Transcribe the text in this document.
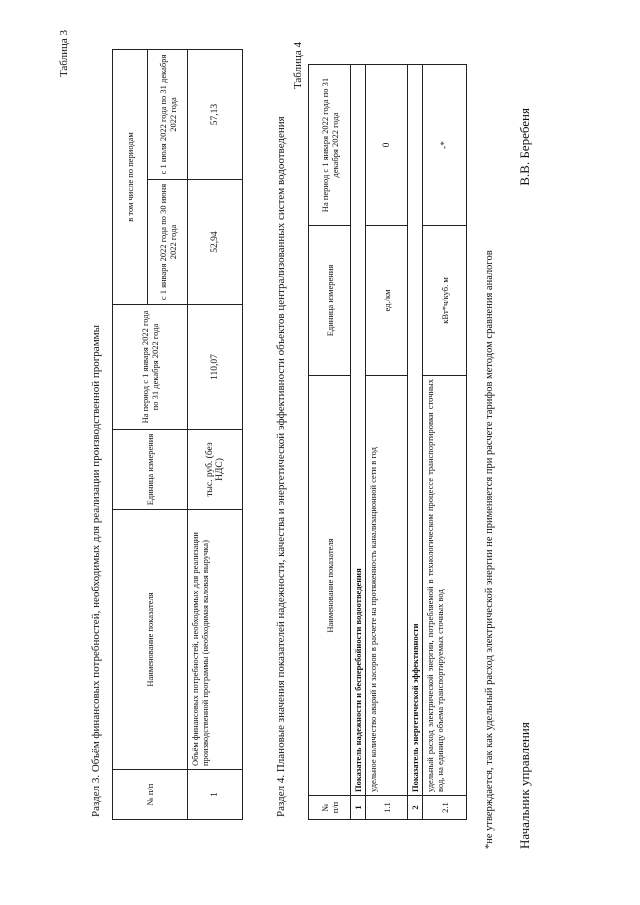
Таблица 3
Раздел 3. Объём финансовых потребностей, необходимых для реализации производственной программы	№ п/п	Наименование показателя	Единица измерения	На период с 1 января 2022 года по 31 декабря 2022 года	в том числе по периодам	
				с 1 января 2022 года по 30 июня 2022 года	с 1 июля 2022 года по 31 декабря 2022 года
1	Объём финансовых потребностей, необходимых для реализации производственной программы (необходимая валовая выручка)	тыс. руб. (без НДС)	110,07	52,94	57,13
Раздел 4. Плановые значения показателей надежности, качества и энергетической эффективности объектов централизованных систем водоотведения
Таблица 4
№ п/п	Наименование показателя	Единица измерения	На период с 1 января 2022 года по 31 декабря 2022 года
1	Показатель надежности и бесперебойности водоотведения		
1.1	удельное количество аварий и засоров в расчете на протяженность канализационной сети в год	ед./км	0
2	Показатель энергетической эффективности		
2.1	удельный расход электрической энергии, потребляемой в технологическом процессе транспортировки сточных вод, на единицу объема транспортируемых сточных вод	кВт*ч/куб. м	-*
*не утверждается, так как удельный расход электрической энергии не применяется при расчете тарифов методом сравнения аналогов Начальник управления
В.В. Беребеня
